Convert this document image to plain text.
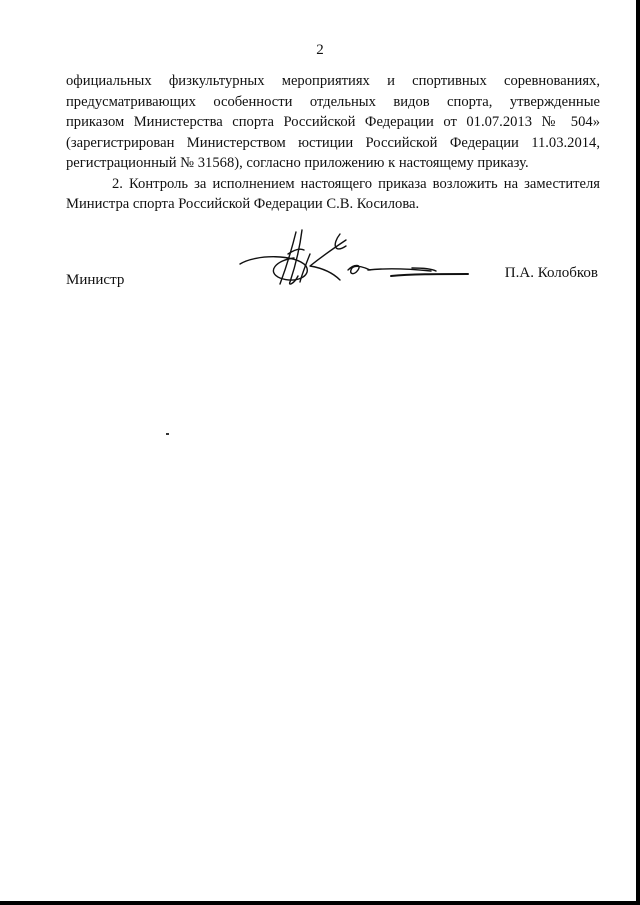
2
официальных физкультурных мероприятиях и спортивных соревнованиях,
предусматривающих особенности отдельных видов спорта, утвержденные
приказом Министерства спорта Российской Федерации от 01.07.2013 № 504»
(зарегистрирован Министерством юстиции Российской Федерации 11.03.2014,
регистрационный № 31568), согласно приложению к настоящему приказу.
2. Контроль за исполнением настоящего приказа возложить на заместителя
Министра спорта Российской Федерации С.В. Косилова.
Министр	П.А. Колобков
